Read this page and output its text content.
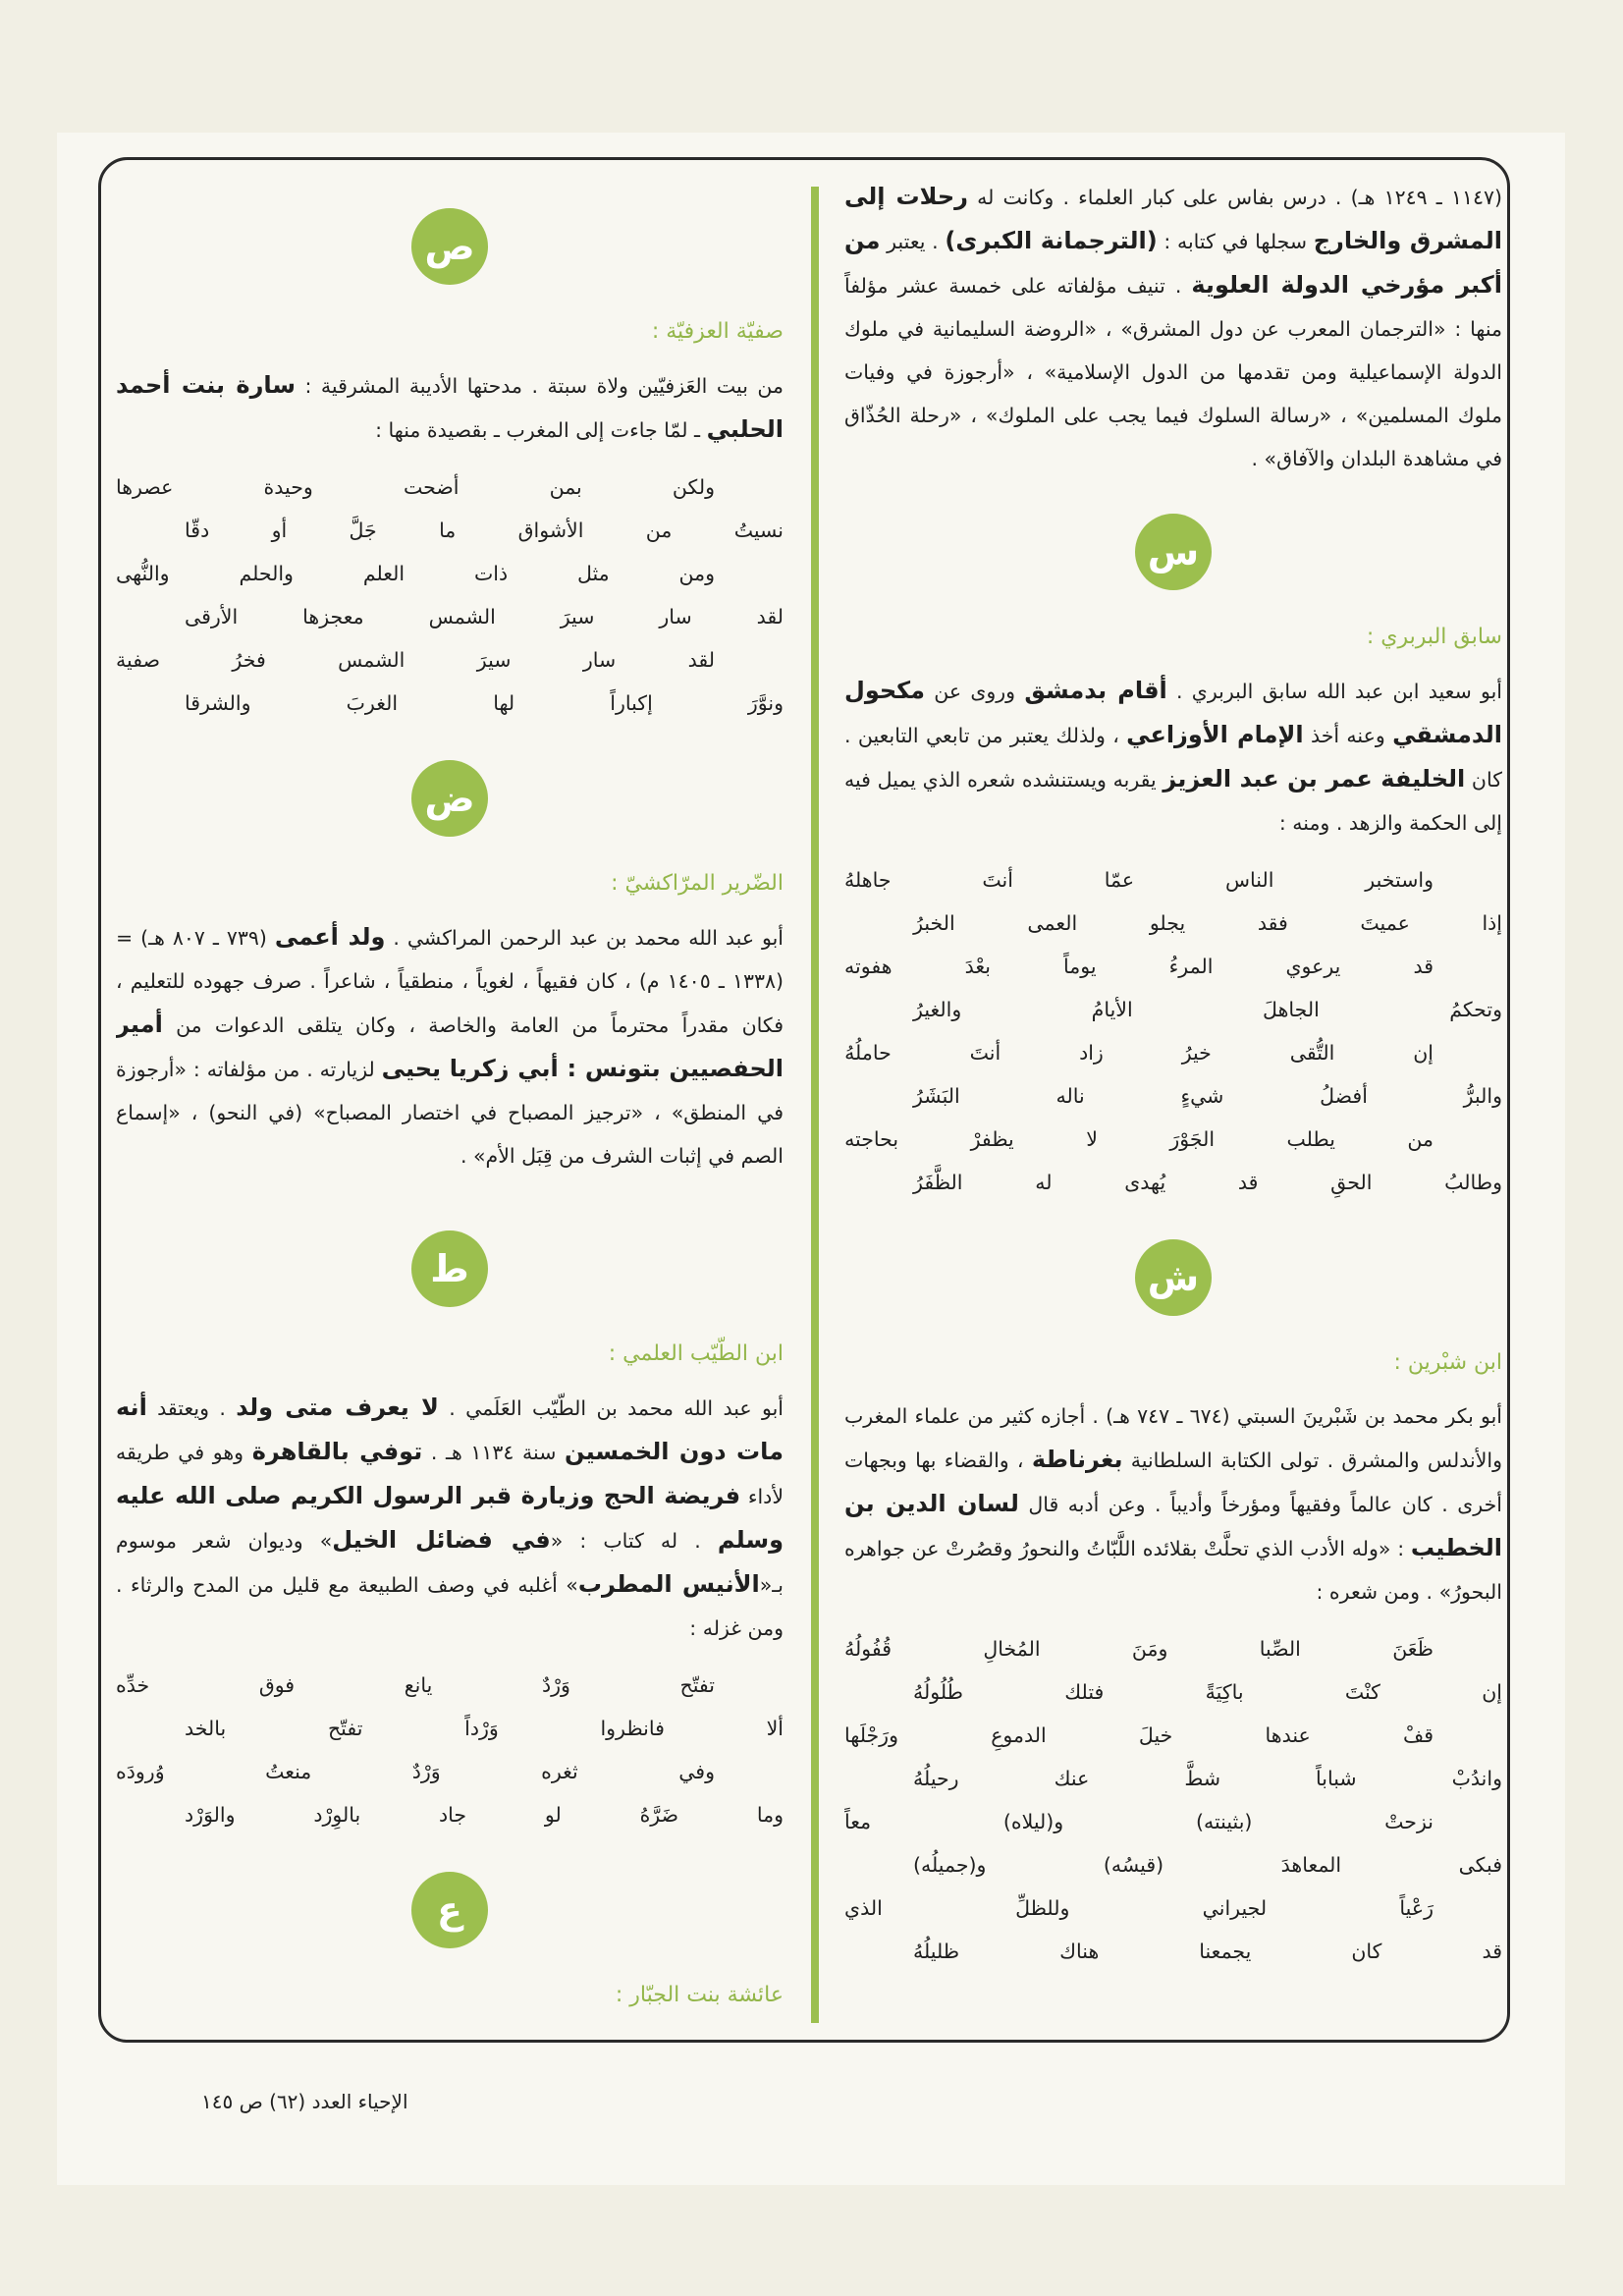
(١١٤٧ ـ ١٢٤٩ هـ) . درس بفاس على كبار العلماء . وكانت له رحلات إلى المشرق والخارج سجلها في كتابه : (الترجمانة الكبرى) . يعتبر من أكبر مؤرخي الدولة العلوية . تنيف مؤلفاته على خمسة عشر مؤلفاً منها : «الترجمان المعرب عن دول المشرق» ، «الروضة السليمانية في ملوك الدولة الإسماعيلية ومن تقدمها من الدول الإسلامية» ، «أرجوزة في وفيات ملوك المسلمين» ، «رسالة السلوك فيما يجب على الملوك» ، «رحلة الحُذّاق في مشاهدة البلدان والآفاق» .

س
سابق البربري :

أبو سعيد ابن عبد الله سابق البربري . أقام بدمشق وروى عن مكحول الدمشقي وعنه أخذ الإمام الأوزاعي ، ولذلك يعتبر من تابعي التابعين . كان الخليفة عمر بن عبد العزيز يقربه ويستنشده شعره الذي يميل فيه إلى الحكمة والزهد . ومنه :

واستخبر
الناس
عمّا
أنتَ
جاهلهُ
إذا
عميتَ
فقد
يجلو
العمى
الخبرُ
قد
يرعوي
المرءُ
يوماً
بعْدَ
هفوته
وتحكمُ
الجاهلَ
الأيامُ
والغيرُ
إن
التُّقى
خيرُ
زاد
أنتَ
حاملُهُ
والبرُّ
أفضلُ
شيءٍ
ناله
البَشَرُ
من
يطلب
الجَوْرَ
لا
يظفرْ
بحاجته
وطالبُ
الحقِ
قد
يُهدى
له
الظَّفَرُ
ش
ابن شبْرين :

أبو بكر محمد بن شَبْرينَ السبتي (٦٧٤ ـ ٧٤٧ هـ) . أجازه كثير من علماء المغرب والأندلس والمشرق . تولى الكتابة السلطانية بغرناطة ، والقضاء بها وبجهات أخرى . كان عالماً وفقيهاً ومؤرخاً وأديباً . وعن أدبه قال لسان الدين بن الخطيب : «وله الأدب الذي تحلَّتْ بقلائده اللَّبّاتُ والنحورُ وقصُرتْ عن جواهره البحورُ» . ومن شعره :

ظَعَنَ
الصِّبا
ومَنَ
المُخالِ
قُفُولُهُ
إن
كنْتَ
باكِيَةً
فتلك
طُلُولُهُ
قفْ
عندها
خيلَ
الدموعِ
ورَجْلَها
واندُبْ
شباباً
شطَّ
عنك
رحيلُهُ
نزحتْ
(بثينته)
و(ليلاه)
معاً
فبكى
المعاهدَ
(قيسُه)
و(جميلُه)
رَعْياً
لجيراني
وللظلِّ
الذي
قد
كان
يجمعنا
هناك
ظليلُهُ
ص
صفيّة العزفيّة :

من بيت العَزفيّين ولاة سبتة . مدحتها الأديبة المشرقية : سارة بنت أحمد الحلبي ـ لمّا جاءت إلى المغرب ـ بقصيدة منها :

ولكن
بمن
أضحت
وحيدة
عصرها
نسيتُ
من
الأشواق
ما
جَلَّ
أو
دقّا
ومن
مثل
ذات
العلم
والحلم
والنُّهى
لقد
سار
سيرَ
الشمس
معجزها
الأرقى
لقد
سار
سيرَ
الشمس
فخرُ
صفية
ونوَّرَ
إكباراً
لها
الغربَ
والشرقا
ض
الضّرير المرّاكشيّ :

أبو عبد الله محمد بن عبد الرحمن المراكشي . ولد أعمى (٧٣٩ ـ ٨٠٧ هـ) = (١٣٣٨ ـ ١٤٠٥ م) ، كان فقيهاً ، لغوياً ، منطقياً ، شاعراً . صرف جهوده للتعليم ، فكان مقدراً محترماً من العامة والخاصة ، وكان يتلقى الدعوات من أمير الحفصيين بتونس : أبي زكريا يحيى لزيارته . من مؤلفاته : «أرجوزة في المنطق» ، «ترجيز المصباح في اختصار المصباح» (في النحو) ، «إسماع الصم في إثبات الشرف من قِبَل الأم» .

ط
ابن الطّيّب العلمي :

أبو عبد الله محمد بن الطّيّب العَلَمي . لا يعرف متى ولد . ويعتقد أنه مات دون الخمسين سنة ١١٣٤ هـ . توفي بالقاهرة وهو في طريقه لأداء فريضة الحج وزيارة قبر الرسول الكريم صلى الله عليه وسلم . له كتاب : «في فضائل الخيل» وديوان شعر موسوم بـ«الأنيس المطرب» أغلبه في وصف الطبيعة مع قليل من المدح والرثاء . ومن غزله :

تفتّح
وَرْدٌ
يانع
فوق
خدِّه
ألا
فانظروا
وَرْداً
تفتّح
بالخد
وفي
ثغره
وَرْدٌ
منعتُ
وُرودَه
وما
ضَرَّهُ
لو
جاد
بالوِرْد
والوَرْد
ع
عائشة بنت الجبّار :

الإحياء العدد (٦٢) ص ١٤٥
